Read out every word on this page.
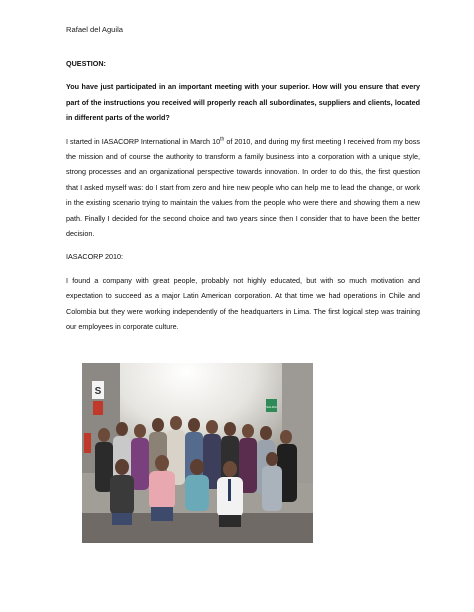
Rafael del Aguila

QUESTION:

You have just participated in an important meeting with your superior. How will you ensure that every part of the instructions you received will properly reach all subordinates, suppliers and clients, located in different parts of the world?

I started in IASACORP International in March 10th of 2010, and during my first meeting I received from my boss the mission and of course the authority to transform a family business into a corporation with a unique style, strong processes and an organizational perspective towards innovation. In order to do this, the first question that I asked myself was: do I start from zero and hire new people who can help me to lead the change, or work in the existing scenario trying to maintain the values from the people who were there and showing them a new path. Finally I decided for the second choice and two years since then I consider that to have been the better decision.

IASACORP 2010:

I found a company with great people, probably not highly educated, but with so much motivation and expectation to succeed as a major Latin American corporation. At that time we had operations in Chile and Colombia but they were working independently of the headquarters in Lima. The first logical step was training our employees in corporate culture.

S
SALIDA
